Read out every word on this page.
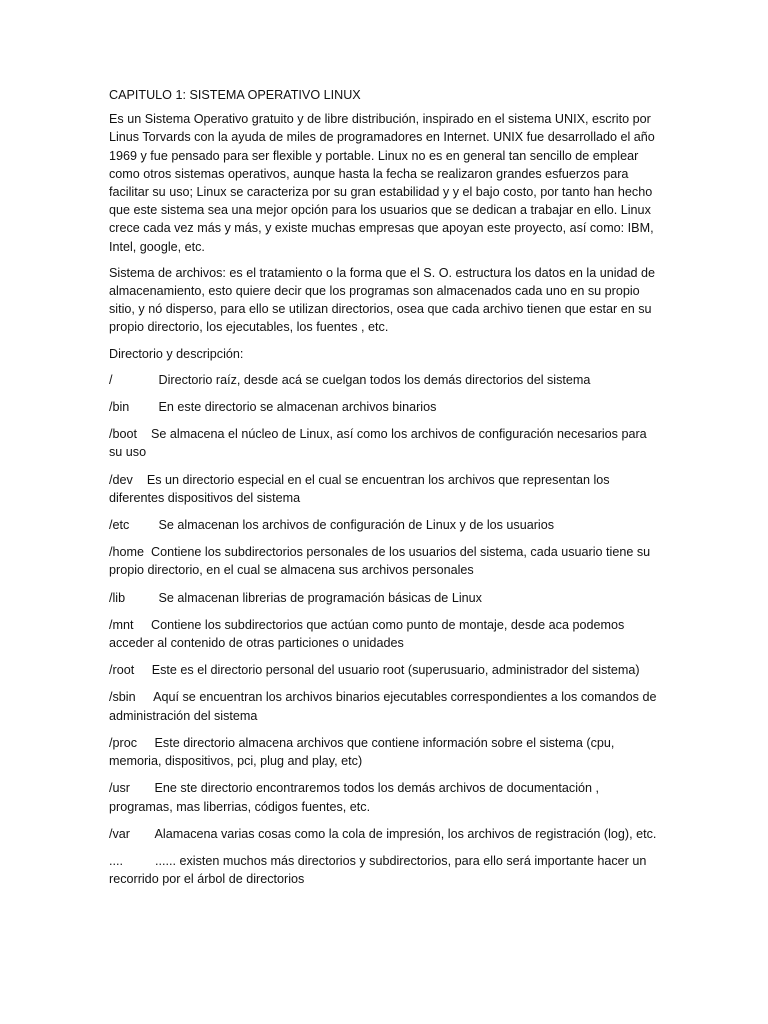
CAPITULO 1: SISTEMA OPERATIVO LINUX

Es un Sistema Operativo gratuito y de libre distribución, inspirado en el sistema UNIX, escrito por Linus Torvards con la ayuda de miles de programadores en Internet. UNIX fue desarrollado el año 1969 y fue pensado para ser flexible y portable. Linux no es en general tan sencillo de emplear como otros sistemas operativos, aunque hasta la fecha se realizaron grandes esfuerzos para facilitar su uso; Linux se caracteriza por su gran estabilidad y y el bajo costo, por tanto han hecho que este sistema sea una mejor opción para los usuarios que se dedican a trabajar en ello. Linux crece cada vez más y más, y existe muchas empresas que apoyan este proyecto, así como: IBM, Intel, google, etc.

Sistema de archivos: es el tratamiento o la forma que el S. O. estructura los datos en la unidad de almacenamiento, esto quiere decir que los programas son almacenados cada uno en su propio sitio, y nó disperso, para ello se utilizan directorios, osea que cada archivo tienen que estar en su propio directorio, los ejecutables, los fuentes , etc.

Directorio y descripción:

/	Directorio raíz, desde acá se cuelgan todos los demás directorios del sistema
/bin En este directorio se almacenan archivos binarios
/boot Se almacena el núcleo de Linux, así como los archivos de configuración necesarios para su uso
/dev Es un directorio especial en el cual se encuentran los archivos que representan los diferentes dispositivos del sistema
/etc Se almacenan los archivos de configuración de Linux y de los usuarios
/home Contiene los subdirectorios personales de los usuarios del sistema, cada usuario tiene su propio directorio, en el cual se almacena sus archivos personales
/lib	Se almacenan librerias de programación básicas de Linux
/mnt Contiene los subdirectorios que actúan como punto de montaje, desde aca podemos acceder al contenido de otras particiones o unidades
/root Este es el directorio personal del usuario root (superusuario, administrador del sistema)
/sbin Aquí se encuentran los archivos binarios ejecutables correspondientes a los comandos de administración del sistema
/proc Este directorio almacena archivos que contiene información sobre el sistema (cpu, memoria, dispositivos, pci, plug and play, etc)
/usr Ene ste directorio encontraremos todos los demás archivos de documentación , programas, mas liberrias, códigos fuentes, etc.
/var Alamacena varias cosas como la cola de impresión, los archivos de registración (log), etc.
....	...... existen muchos más directorios y subdirectorios, para ello será importante hacer un recorrido por el árbol de directorios
